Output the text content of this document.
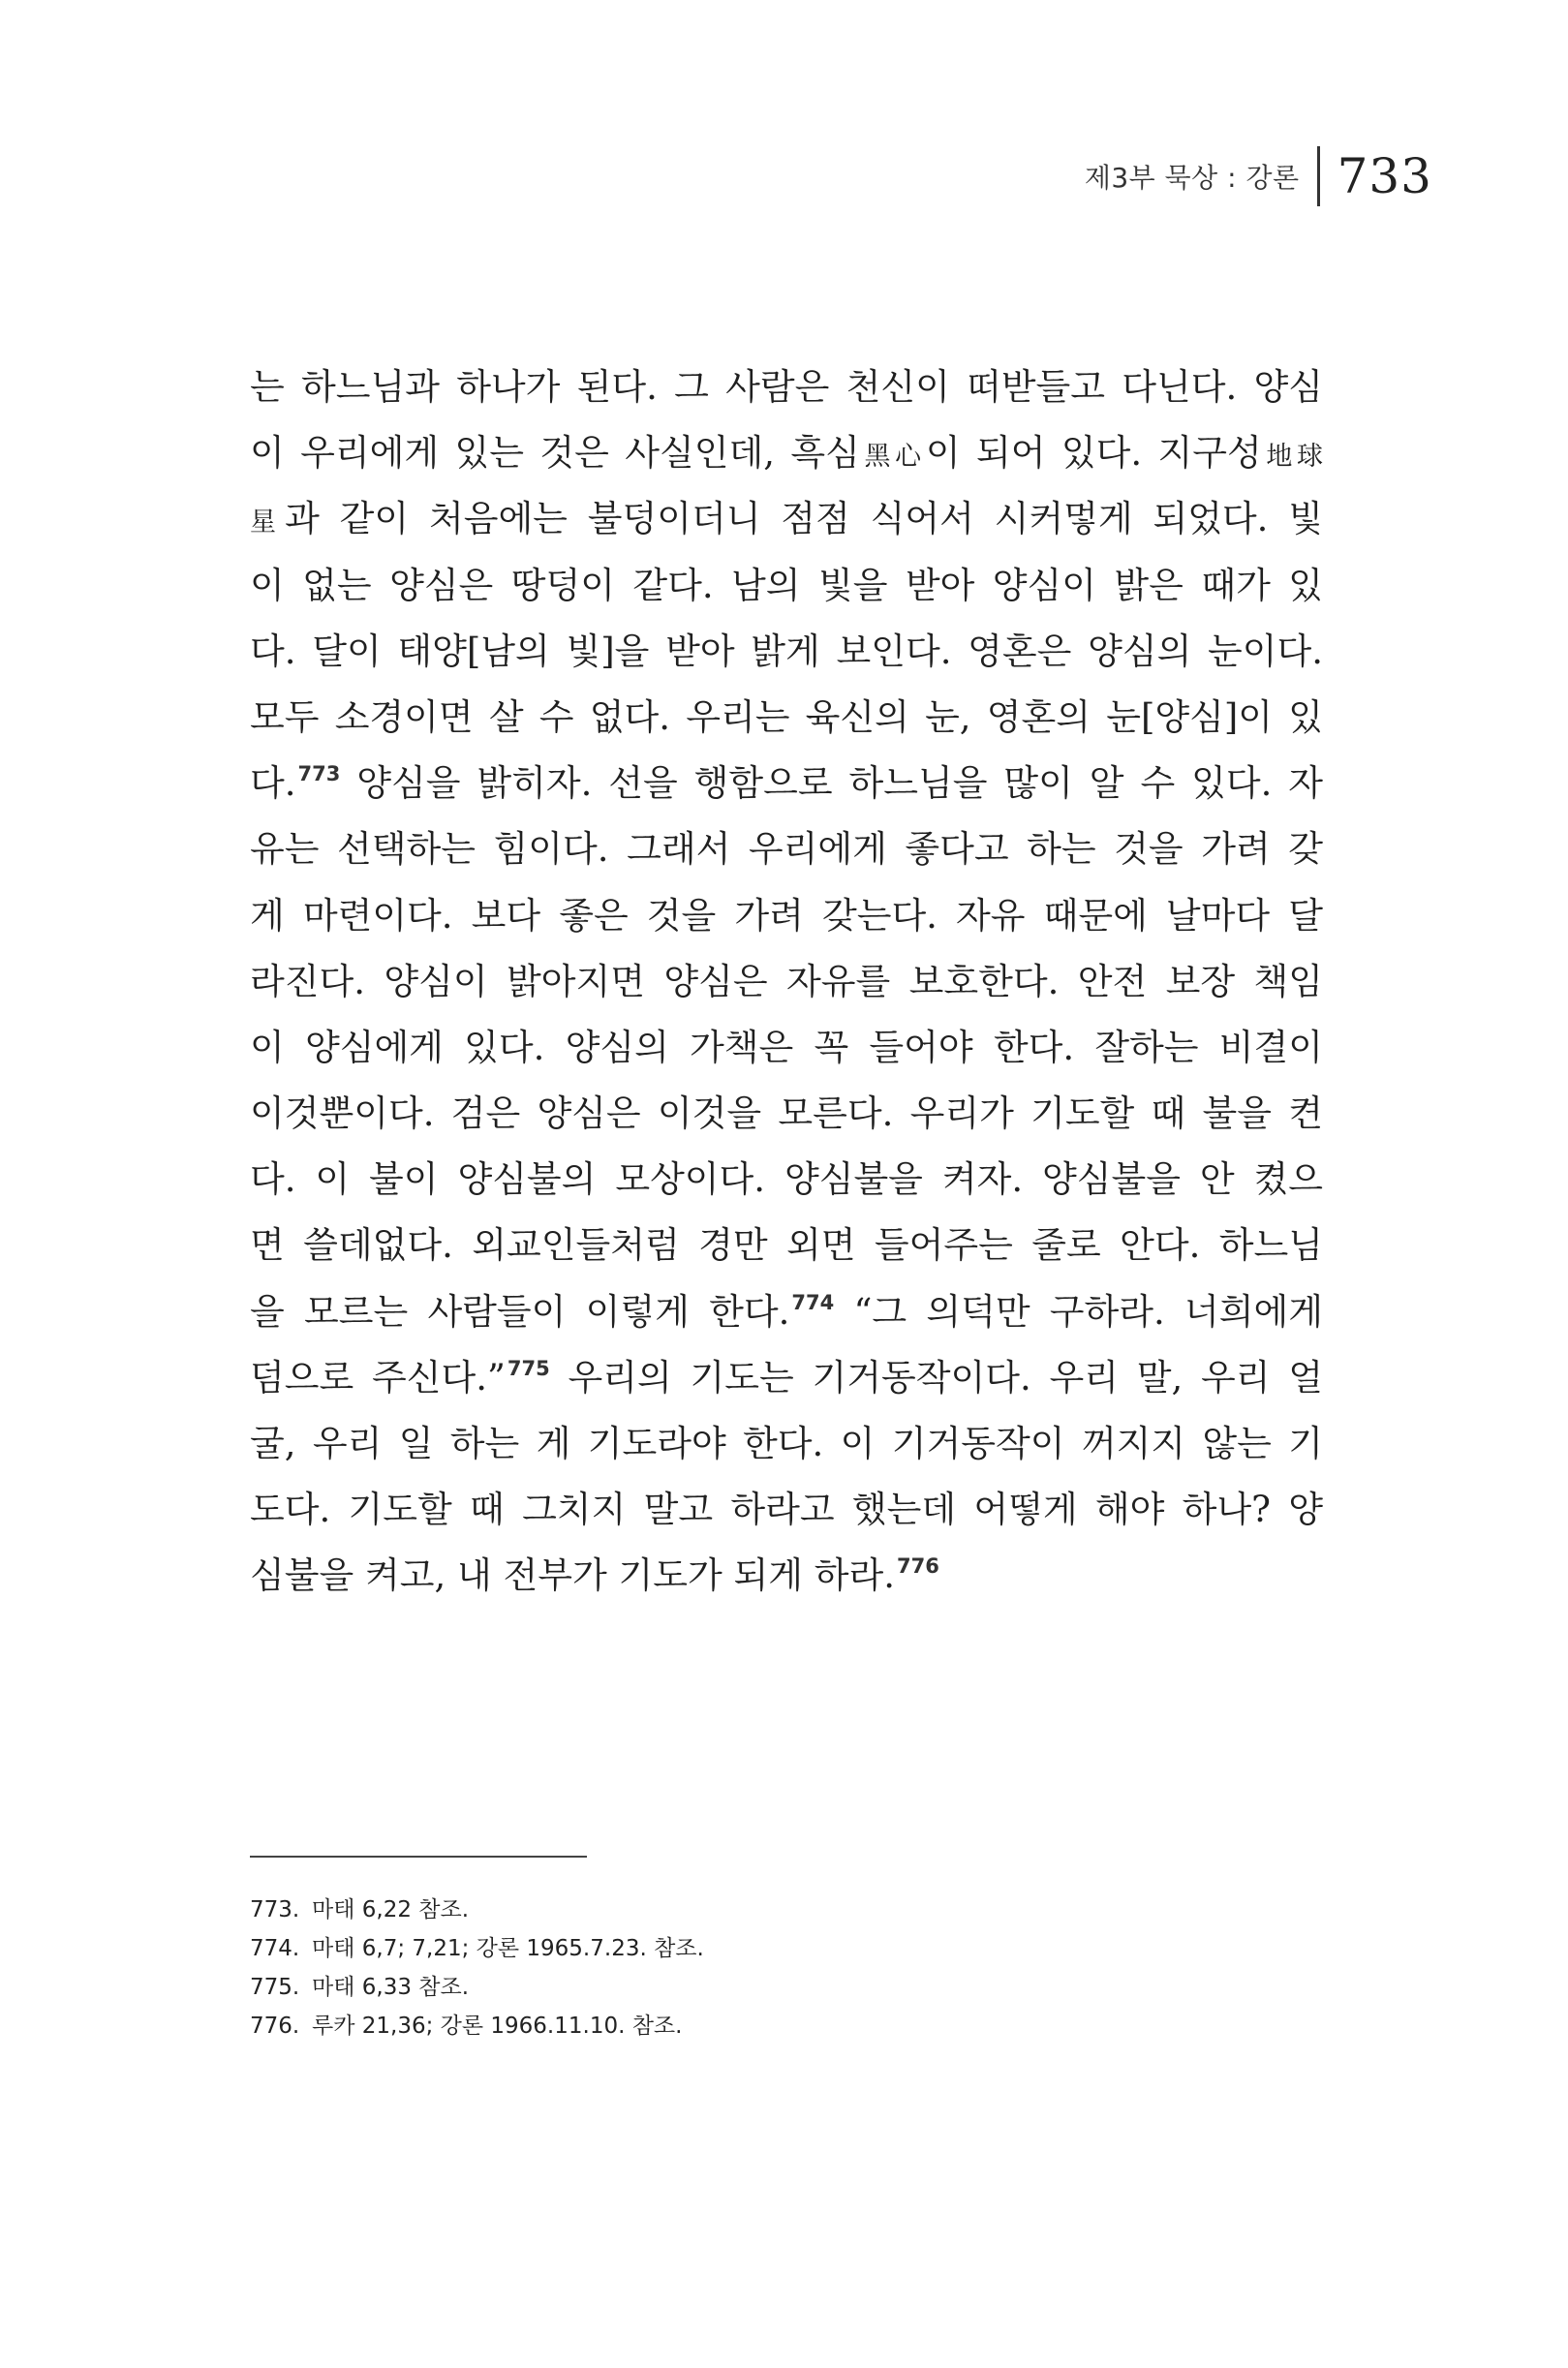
제3부 묵상 : 강론 733
는 하느님과 하나가 된다. 그 사람은 천신이 떠받들고 다닌다. 양심
이 우리에게 있는 것은 사실인데, 흑심黑心이 되어 있다. 지구성地球
星과 같이 처음에는 불덩이더니 점점 식어서 시커멓게 되었다. 빛
이 없는 양심은 땅덩이 같다. 남의 빛을 받아 양심이 밝은 때가 있
다. 달이 태양[남의 빛]을 받아 밝게 보인다. 영혼은 양심의 눈이다.
모두 소경이면 살 수 없다. 우리는 육신의 눈, 영혼의 눈[양심]이 있
다.$^{773}$ 양심을 밝히자. 선을 행함으로 하느님을 많이 알 수 있다. 자
유는 선택하는 힘이다. 그래서 우리에게 좋다고 하는 것을 가려 갖
게 마련이다. 보다 좋은 것을 가려 갖는다. 자유 때문에 날마다 달
라진다. 양심이 밝아지면 양심은 자유를 보호한다. 안전 보장 책임
이 양심에게 있다. 양심의 가책은 꼭 들어야 한다. 잘하는 비결이
이것뿐이다. 검은 양심은 이것을 모른다. 우리가 기도할 때 불을 켠
다. 이 불이 양심불의 모상이다. 양심불을 켜자. 양심불을 안 켰으
면 쓸데없다. 외교인들처럼 경만 외면 들어주는 줄로 안다. 하느님
을 모르는 사람들이 이렇게 한다.$^{774}$ “그 의덕만 구하라. 너희에게
덤으로 주신다.”$^{775}$ 우리의 기도는 기거동작이다. 우리 말, 우리 얼
굴, 우리 일 하는 게 기도라야 한다. 이 기거동작이 꺼지지 않는 기
도다. 기도할 때 그치지 말고 하라고 했는데 어떻게 해야 하나? 양
심불을 켜고, 내 전부가 기도가 되게 하라.$^{776}$
773. 마태 6,22 참조.
774. 마태 6,7; 7,21; 강론 1965.7.23. 참조.
775. 마태 6,33 참조.
776. 루카 21,36; 강론 1966.11.10. 참조.
